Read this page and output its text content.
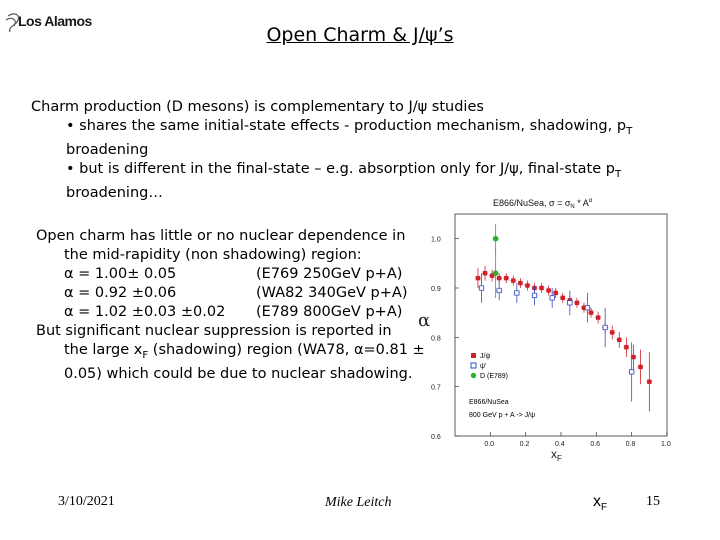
Los Alamos
Open Charm & J/ψ’s
Charm production (D mesons) is complementary to J/ψ studies
• shares the same initial-state effects - production mechanism, shadowing, $p_T$
broadening
• but is different in the final-state – e.g. absorption only for J/ψ, final-state $p_T$
broadening…
Open charm has little or no nuclear dependence in
the mid-rapidity (non shadowing) region:
α = 1.00± 0.05	(E769 250GeV p+A)
α = 0.92 ±0.06	(WA82 340GeV p+A)
α = 1.02 ±0.03 ±0.02	(E789 800GeV p+A)
But significant nuclear suppression is reported in
the large $x_F$ (shadowing) region (WA78, α=0.81 ±
0.05) which could be due to nuclear shadowing.
α
E866/NuSea, $\sigma = \sigma_N * A^\alpha$
0.6
0.7
0.8
0.9
1.0
0.0	0.2	0.4	0.6	0.8	1.0
J/ψ
ψ'
D (E789)
E866/NuSea
800 GeV p + A -> J/ψ
$x_F$
$x_F$
3/10/2021	Mike Leitch	15
